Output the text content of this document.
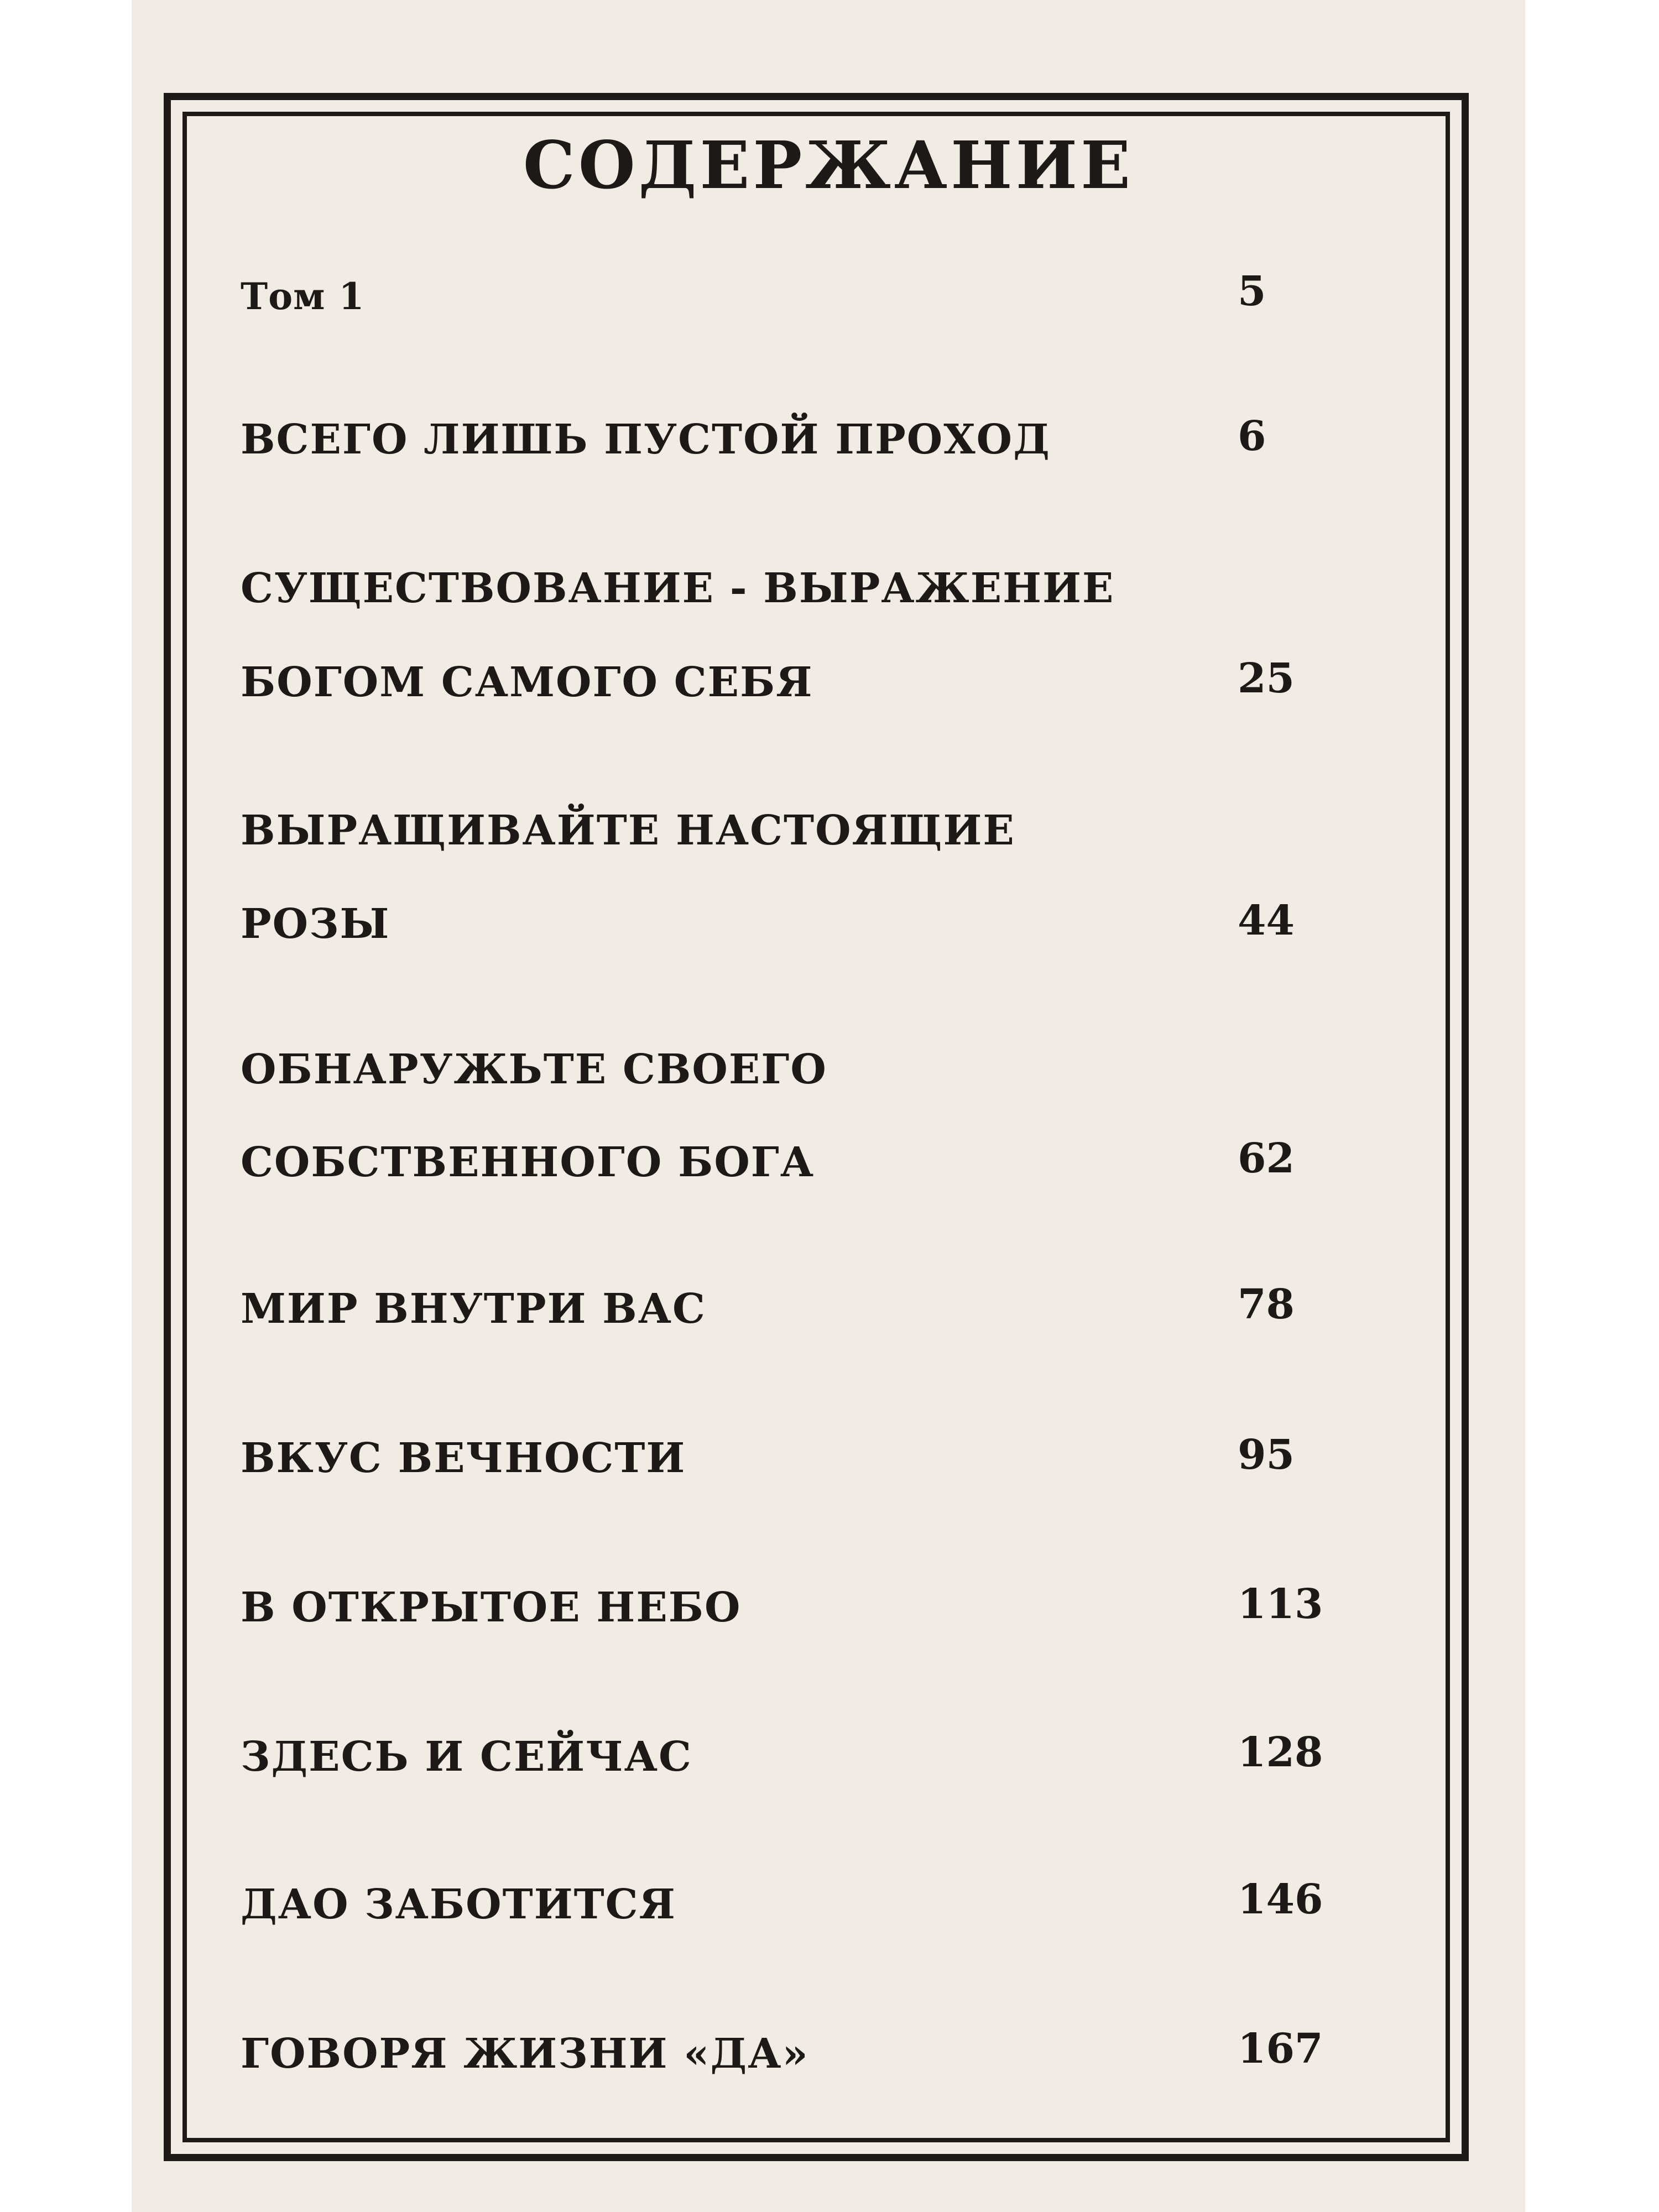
СОДЕРЖАНИЕ
Том 1	5
ВСЕГО ЛИШЬ ПУСТОЙ ПРОХОД	6
СУЩЕСТВОВАНИЕ - ВЫРАЖЕНИЕ
БОГОМ САМОГО СЕБЯ	25
ВЫРАЩИВАЙТЕ НАСТОЯЩИЕ
РОЗЫ	44
ОБНАРУЖЬТЕ СВОЕГО
СОБСТВЕННОГО БОГА	62
МИР ВНУТРИ ВАС	78
ВКУС ВЕЧНОСТИ	95
В ОТКРЫТОЕ НЕБО	113
ЗДЕСЬ И СЕЙЧАС	128
ДАО ЗАБОТИТСЯ	146
ГОВОРЯ ЖИЗНИ «ДА»	167
